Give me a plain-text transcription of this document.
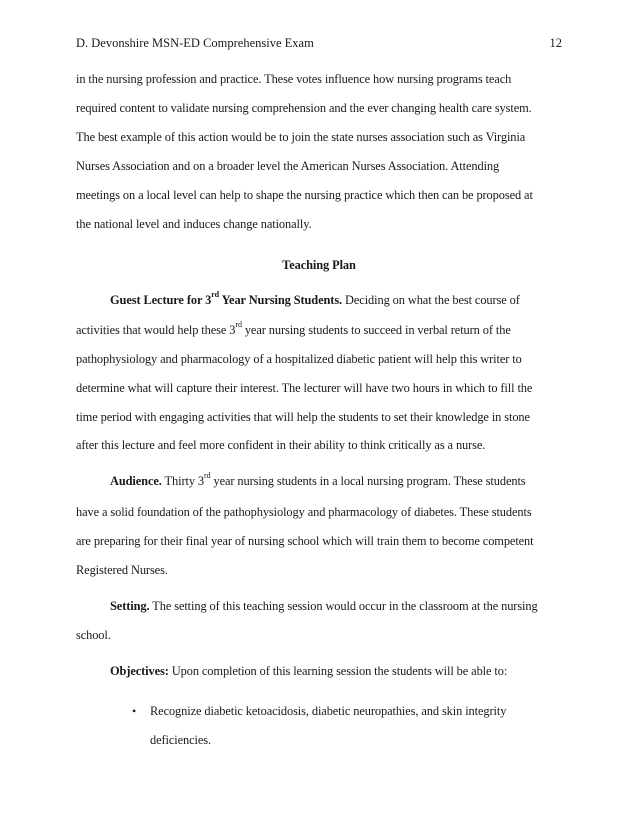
D. Devonshire MSN-ED Comprehensive Exam	12
in the nursing profession and practice. These votes influence how nursing programs teach
required content to validate nursing comprehension and the ever changing health care system.
The best example of this action would be to join the state nurses association such as Virginia
Nurses Association and on a broader level the American Nurses Association. Attending
meetings on a local level can help to shape the nursing practice which then can be proposed at
the national level and induces change nationally.
Teaching Plan
Guest Lecture for 3rd Year Nursing Students. Deciding on what the best course of
activities that would help these 3rd year nursing students to succeed in verbal return of the
pathophysiology and pharmacology of a hospitalized diabetic patient will help this writer to
determine what will capture their interest. The lecturer will have two hours in which to fill the
time period with engaging activities that will help the students to set their knowledge in stone
after this lecture and feel more confident in their ability to think critically as a nurse.
Audience. Thirty 3rd year nursing students in a local nursing program. These students
have a solid foundation of the pathophysiology and pharmacology of diabetes. These students
are preparing for their final year of nursing school which will train them to become competent
Registered Nurses.
Setting. The setting of this teaching session would occur in the classroom at the nursing
school.
Objectives: Upon completion of this learning session the students will be able to:
• Recognize diabetic ketoacidosis, diabetic neuropathies, and skin integrity
deficiencies.
